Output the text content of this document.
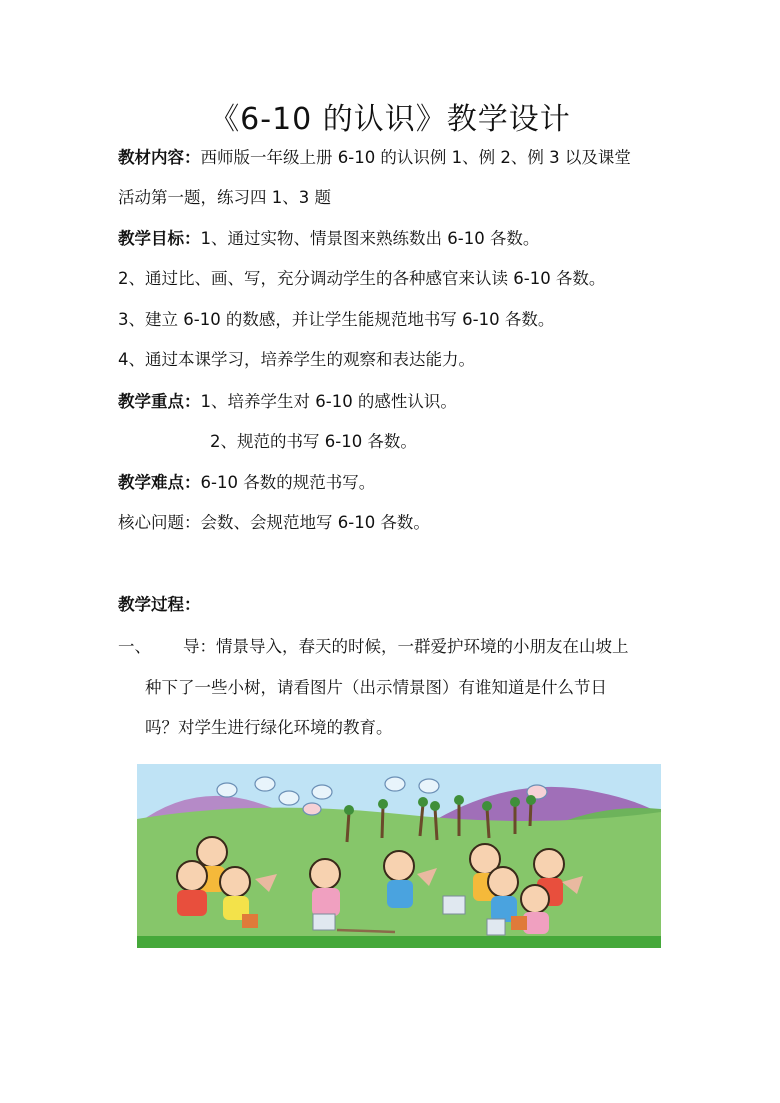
《6-10 的认识》教学设计
教材内容：西师版一年级上册 6-10 的认识例 1、例 2、例 3 以及课堂
活动第一题，练习四 1、3 题
教学目标：1、通过实物、情景图来熟练数出 6-10 各数。
2、通过比、画、写，充分调动学生的各种感官来认读 6-10 各数。
3、建立 6-10 的数感，并让学生能规范地书写 6-10 各数。
4、通过本课学习，培养学生的观察和表达能力。
教学重点：1、培养学生对 6-10 的感性认识。
2、规范的书写 6-10 各数。
教学难点：6-10 各数的规范书写。
核心问题：会数、会规范地写 6-10 各数。
教学过程：
一、 导：情景导入，春天的时候，一群爱护环境的小朋友在山坡上
种下了一些小树，请看图片（出示情景图）有谁知道是什么节日
吗？对学生进行绿化环境的教育。
